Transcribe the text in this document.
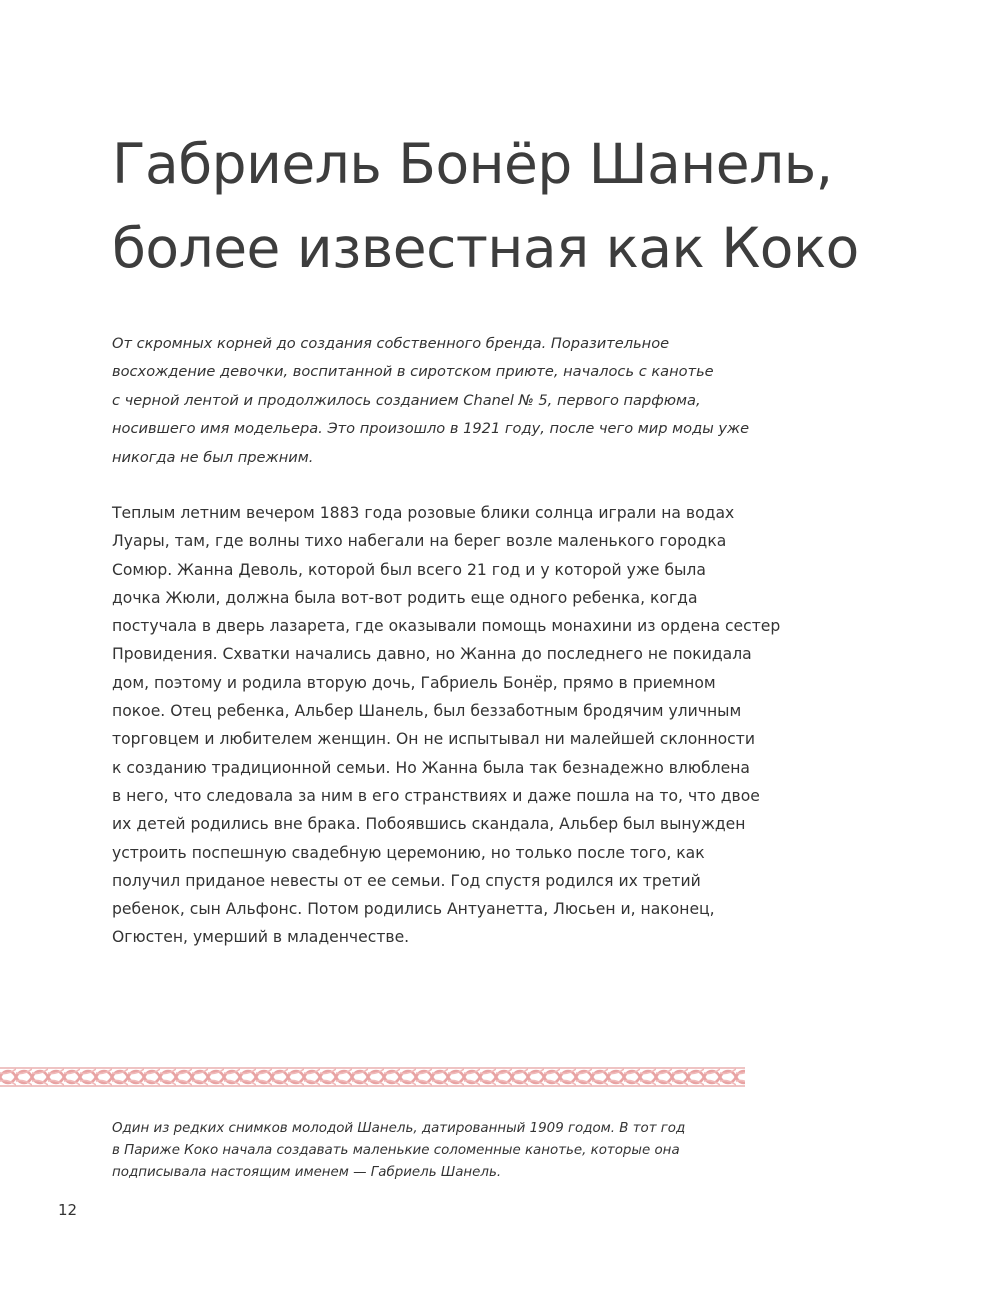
Габриель Бонёр Шанель,
более известная как Коко

От скромных корней до создания собственного бренда. Поразительное
восхождение девочки, воспитанной в сиротском приюте, началось с канотье
с черной лентой и продолжилось созданием Chanel № 5, первого парфюма,
носившего имя модельера. Это произошло в 1921 году, после чего мир моды уже
никогда не был прежним.

Теплым летним вечером 1883 года розовые блики солнца играли на водах
Луары, там, где волны тихо набегали на берег возле маленького городка
Сомюр. Жанна Деволь, которой был всего 21 год и у которой уже была
дочка Жюли, должна была вот-вот родить еще одного ребенка, когда
постучала в дверь лазарета, где оказывали помощь монахини из ордена сестер
Провидения. Схватки начались давно, но Жанна до последнего не покидала
дом, поэтому и родила вторую дочь, Габриель Бонёр, прямо в приемном
покое. Отец ребенка, Альбер Шанель, был беззаботным бродячим уличным
торговцем и любителем женщин. Он не испытывал ни малейшей склонности
к созданию традиционной семьи. Но Жанна была так безнадежно влюблена
в него, что следовала за ним в его странствиях и даже пошла на то, что двое
их детей родились вне брака. Побоявшись скандала, Альбер был вынужден
устроить поспешную свадебную церемонию, но только после того, как
получил приданое невесты от ее семьи. Год спустя родился их третий
ребенок, сын Альфонс. Потом родились Антуанетта, Люсьен и, наконец,
Огюстен, умерший в младенчестве.

Один из редких снимков молодой Шанель, датированный 1909 годом. В тот год
в Париже Коко начала создавать маленькие соломенные канотье, которые она
подписывала настоящим именем — Габриель Шанель.

12
